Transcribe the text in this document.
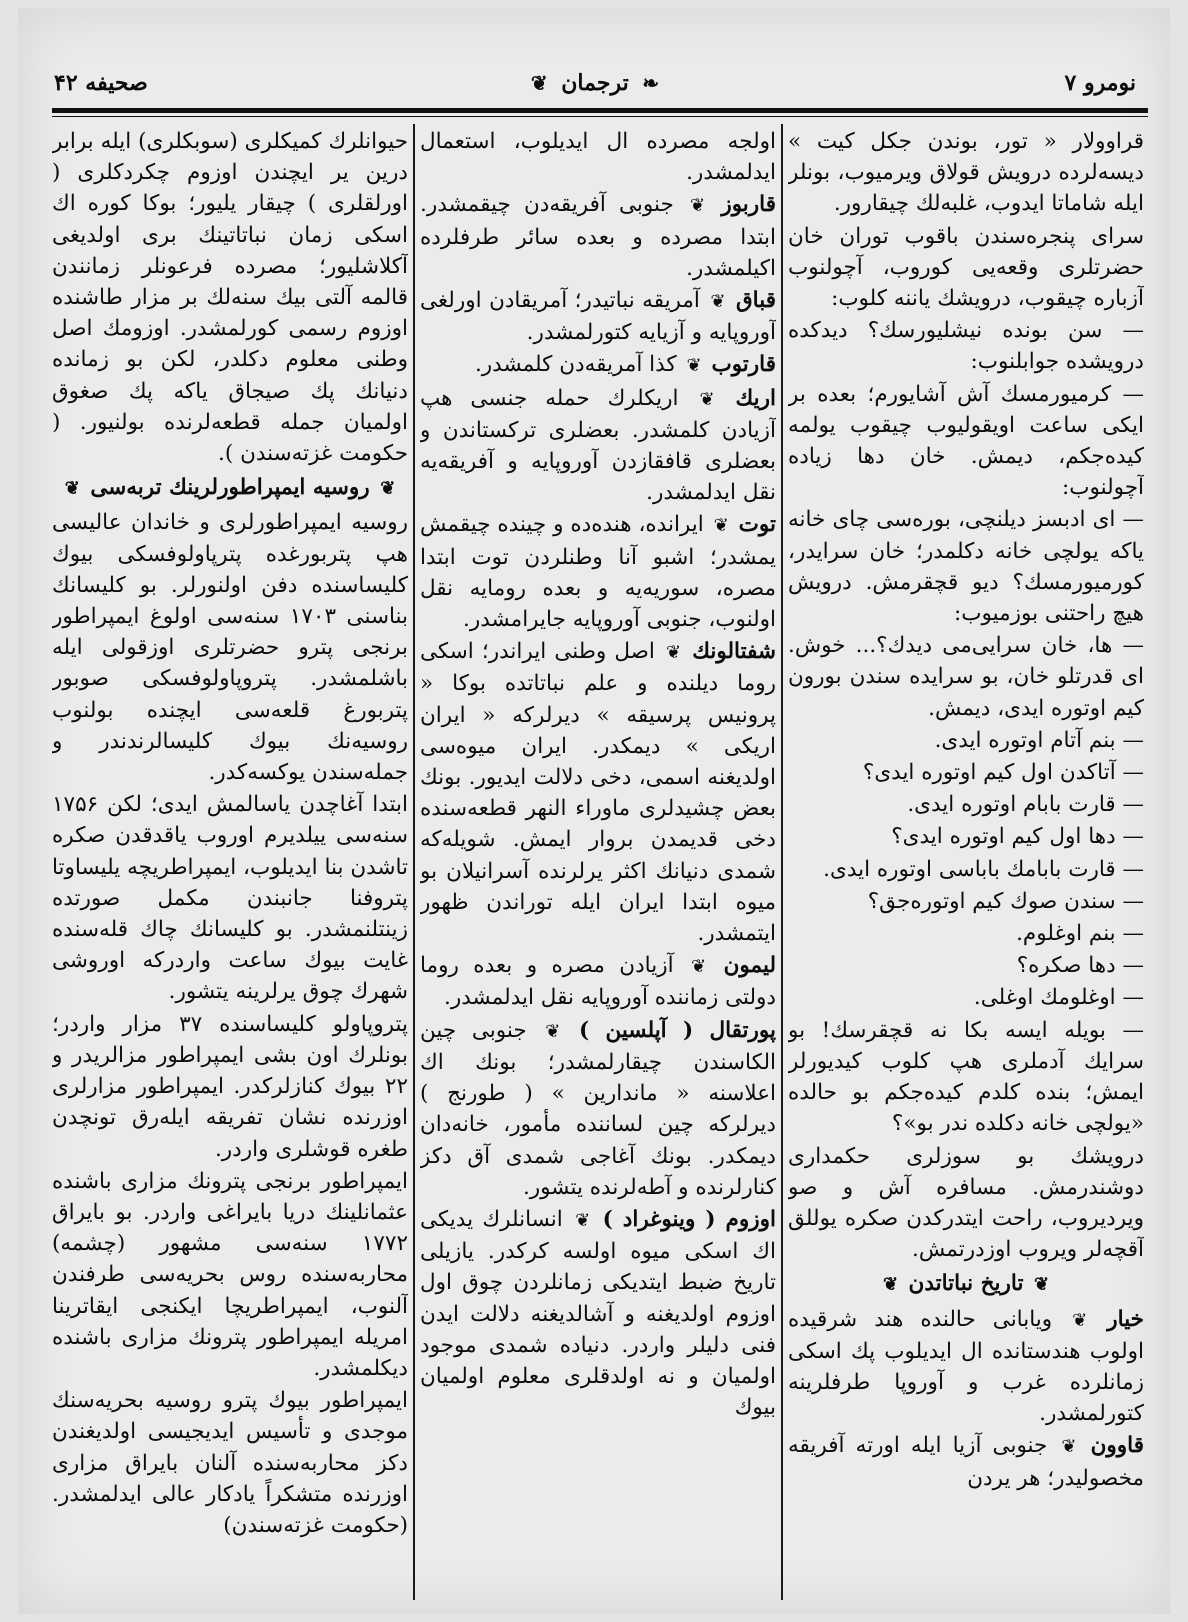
نومرو ۷
❧ ترجمان ❦
صحیفه ۴۲

قراوولار « تور، بوندن جکل کیت » دیسەلردە درویش قولاق ویرمیوب، بونلر ایلە شاماتا ایدوب، غلبەلك چیقارور.

سرای پنجرەسندن باقوب توران خان حضرتلری وقعەیی کوروب، آچولنوب آزبارە چیقوب، درویشك یاننە کلوب:

— سن بوندە نیشلیورسك؟ دیدکدە درویشدە جوابلنوب:

— کرمیورمسك آش آشایورم؛ بعدە بر ایکی ساعت اویقولیوب چیقوب یولمە کیدەجکم، دیمش. خان دها زیادە آچولنوب:

— ای ادبسز دیلنچی، بورەسی چای خانە یاکە یولچی خانە دکلمدر؛ خان سرایدر، کورمیورمسك؟ دیو قچقرمش. درویش هیچ راحتنی بوزمیوب:

— ها، خان سرایی‌می دیدك؟... خوش. ای قدرتلو خان، بو سرایدە سندن بورون کیم اوتورە ایدی، دیمش.

— بنم آتام اوتورە ایدی.

— آتاکدن اول کیم اوتورە ایدی؟

— قارت بابام اوتورە ایدی.

— دها اول کیم اوتورە ایدی؟

— قارت بابامك باباسی اوتورە ایدی.

— سندن صوك کیم اوتورەجق؟

— بنم اوغلوم.

— دها صکرە؟

— اوغلومك اوغلی.

— بویلە ایسە بکا نە قچقرسك! بو سرایك آدملری هپ کلوب کیدیورلر ایمش؛ بندە کلدم کیدەجکم بو حالدە «یولچی خانە دکلدە ندر بو»؟

درویشك بو سوزلری حکمداری دوشندرمش. مسافرە آش و صو ویردیروب، راحت ایتدرکدن صکرە یوللق آقچەلر ویروب اوزدرتمش.

❦ تاریخ نباتاتدن ❦

خیار ❦ ویابانی حالندە هند شرقیدە اولوب هندستاندە ال ایدیلوب پك اسکی زمانلردە غرب و آوروپا طرفلرینە کتورلمشدر.

قاوون ❦ جنوبی آزیا ایلە اورتە آفریقە مخصولیدر؛ هر یردن

اولجە مصردە ال ایدیلوب، استعمال ایدلمشدر.

قاربوز ❦ جنوبی آفریقەدن چیقمشدر. ابتدا مصردە و بعدە سائر طرفلردە اکیلمشدر.

قباق ❦ آمریقە نباتیدر؛ آمریقادن اورلغی آوروپایە و آزیایە کتورلمشدر.

قارتوب ❦ کذا آمریقەدن کلمشدر.

اریك ❦ اریکلرك حملە جنسی هپ آزیادن کلمشدر. بعضلری ترکستاندن و بعضلری قافقازدن آوروپایە و آفریقەیە نقل ایدلمشدر.

توت ❦ ایراندە، هندەدە و چیندە چیقمش یمشدر؛ اشبو آنا وطنلردن توت ابتدا مصرە، سوریەیە و بعدە رومایە نقل اولنوب، جنوبی آوروپایە جایرامشدر.

شفتالونك ❦ اصل وطنی ایراندر؛ اسکی روما دیلندە و علم نباتاتدە بوکا « پرونیس پرسیقە » دیرلرکە « ایران اریکی » دیمکدر. ایران میوەسی اولدیغنە اسمی، دخی دلالت ایدیور. بونك بعض چشیدلری ماوراء النهر قطعەسندە دخی قدیمدن بروار ایمش. شویلەکە شمدی دنیانك اکثر یرلرندە آسرانیلان بو میوە ابتدا ایران ایلە توراندن ظهور ایتمشدر.

لیمون ❦ آزیادن مصرە و بعدە روما دولتی زماننده آوروپایە نقل ایدلمشدر.

پورتقال ( آپلسین ) ❦ جنوبی چین الکاسندن چیقارلمشدر؛ بونك اك اعلاسنە « ماندارین » ( طورنج ) دیرلرکە چین لسانندە مأمور، خانەدان دیمکدر. بونك آغاجی شمدی آق دکز کنارلرندە و آطەلرندە یتشور.

اوزوم ( وینوغراد ) ❦ انسانلرك یدیکی اك اسکی میوە اولسە کرکدر. یازیلی تاریخ ضبط ایتدیکی زمانلردن چوق اول اوزوم اولدیغنە و آشالدیغنە دلالت ایدن فنی دلیلر واردر. دنیادە شمدی موجود اولمیان و نە اولدقلری معلوم اولمیان بیوك

حیوانلرك کمیکلری (سوبکلری) ایلە برابر درین یر ایچندن اوزوم چکردکلری ( اورلقلری ) چیقار یلیور؛ بوکا کورە اك اسکی زمان نباتاتینك بری اولدیغی آکلاشلیور؛ مصردە فرعونلر زمانندن قالمە آلتی بیك سنەلك بر مزار طاشندە اوزوم رسمی کورلمشدر. اوزومك اصل وطنی معلوم دکلدر، لکن بو زماندە دنیانك پك صیجاق یاکە پك صغوق اولمیان جملە قطعەلرندە بولنیور. ( حکومت غزتەسندن ).

❦ روسیە ایمپراطورلرینك تربەسی ❦

روسیە ایمپراطورلری و خاندان عالیسی هپ پتربورغدە پترپاولوفسکی بیوك کلیساسندە دفن اولنورلر. بو کلیسانك بناسنی ۱۷۰۳ سنەسی اولوغ ایمپراطور برنجی پترو حضرتلری اوزقولی ایلە باشلمشدر. پتروپاولوفسکی صوبور پتربورغ قلعەسی ایچندە بولنوب روسیەنك بیوك کلیسالرندندر و جملەسندن یوکسەکدر.

ابتدا آغاچدن یاسالمش ایدی؛ لکن ۱۷۵۶ سنەسی ییلدیرم اوروب یاقدقدن صکرە تاشدن بنا ایدیلوب، ایمپراطریچە یلیساوتا پتروفنا جانبندن مکمل صورتدە زینتلنمشدر. بو کلیسانك چاك قلەسندە غایت بیوك ساعت واردرکە اوروشی شهرك چوق یرلرینە یتشور.

پتروپاولو کلیساسندە ۳۷ مزار واردر؛ بونلرك اون بشی ایمپراطور مزالریدر و ۲۲ بیوك کنازلرکدر. ایمپراطور مزارلری اوزرندە نشان تفریقە ایلەرق تونچدن طغرە قوشلری واردر.

ایمپراطور برنجی پترونك مزاری باشندە عثمانلینك دریا بایراغی واردر. بو بایراق ۱۷۷۲ سنەسی مشهور (چشمە) محاربەسندە روس بحریەسی طرفندن آلنوب، ایمپراطریچا ایکنجی ایقاترینا امریلە ایمپراطور پترونك مزاری باشندە دیکلمشدر.

ایمپراطور بیوك پترو روسیە بحریەسنك موجدی و تأسیس ایدیجیسی اولدیغندن دکز محاربەسندە آلنان بایراق مزاری اوزرندە متشکراً یادکار عالی ایدلمشدر. (حکومت غزتەسندن)
